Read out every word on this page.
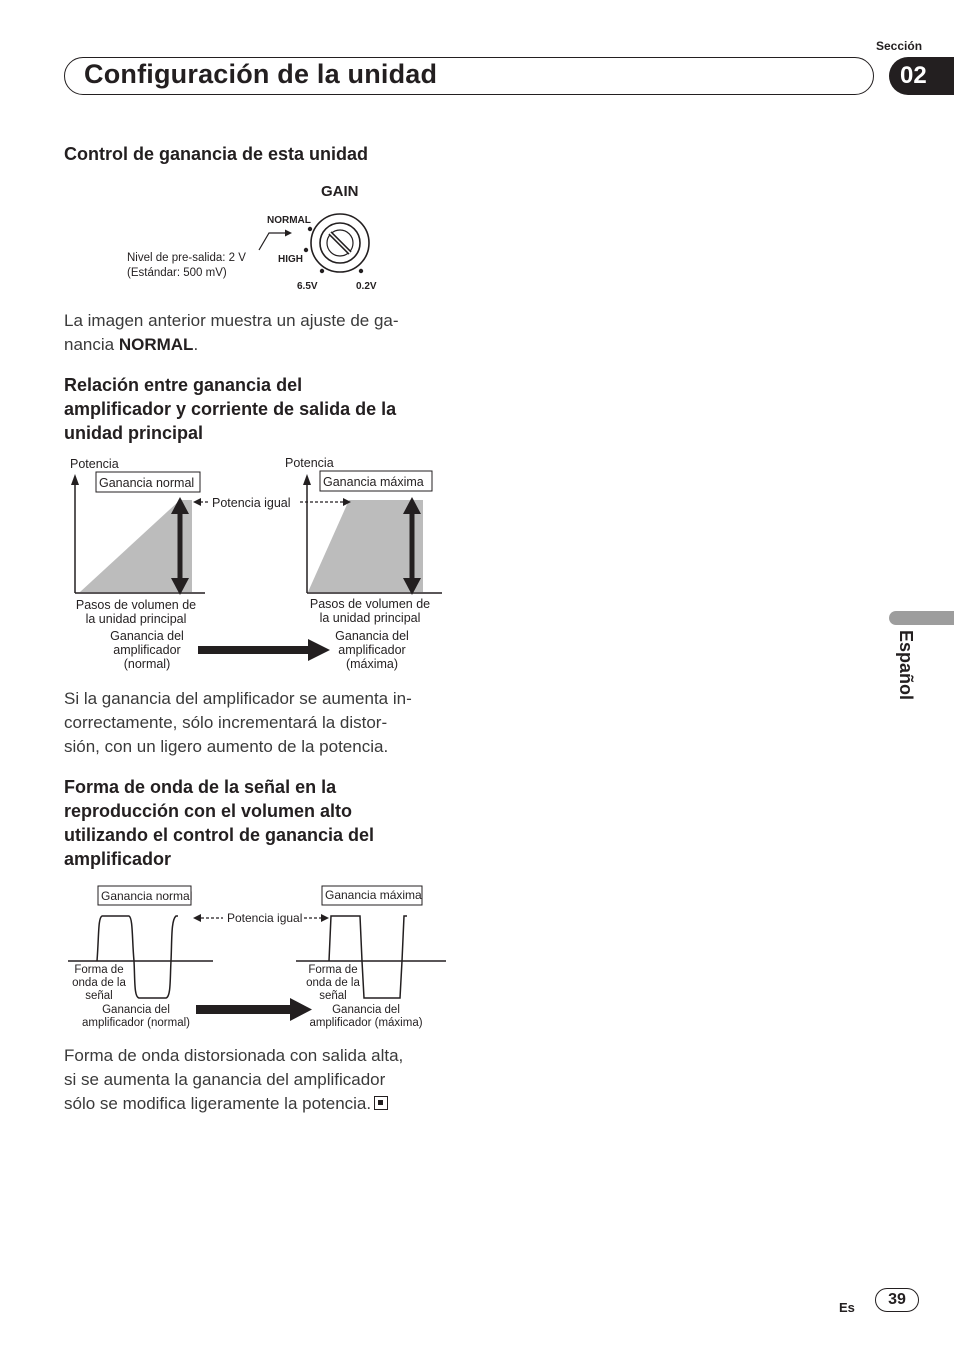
Sección
Configuración de la unidad	02
Español

Control de ganancia de esta unidad

GAIN
NORMAL
HIGH
6.5V	0.2V
Nivel de pre-salida: 2 V
(Estándar: 500 mV)

La imagen anterior muestra un ajuste de ga-
nancia NORMAL.

Relación entre ganancia del
amplificador y corriente de salida de la
unidad principal

Potencia
Ganancia normal
Potencia
Ganancia máxima
Potencia igual
Pasos de volumen de
la unidad principal
Pasos de volumen de
la unidad principal
Ganancia del
amplificador
(normal)
Ganancia del
amplificador
(máxima)

Si la ganancia del amplificador se aumenta in-
correctamente, sólo incrementará la distor-
sión, con un ligero aumento de la potencia.

Forma de onda de la señal en la
reproducción con el volumen alto
utilizando el control de ganancia del
amplificador

Ganancia normal	Ganancia máxima
Potencia igual
Forma de
onda de la
señal
Forma de
onda de la
señal
Ganancia del
amplificador (normal)
Ganancia del
amplificador (máxima)

Forma de onda distorsionada con salida alta,
si se aumenta la ganancia del amplificador
sólo se modifica ligeramente la potencia.

Es	39
